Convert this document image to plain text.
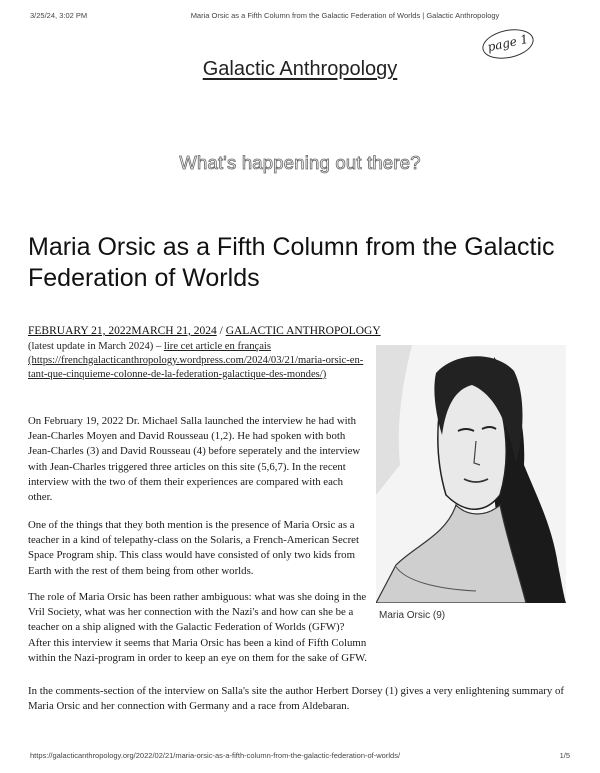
3/25/24, 3:02 PM	Maria Orsic as a Fifth Column from the Galactic Federation of Worlds | Galactic Anthropology
page 1
Galactic Anthropology
What's happening out there?
Maria Orsic as a Fifth Column from the Galactic Federation of Worlds
FEBRUARY 21, 2022MARCH 21, 2024 / GALACTIC ANTHROPOLOGY
(latest update in March 2024) – lire cet article en français (https://frenchgalacticanthropology.wordpress.com/2024/03/21/maria-orsic-en-tant-que-cinquieme-colonne-de-la-federation-galactique-des-mondes/)

On February 19, 2022 Dr. Michael Salla launched the interview he had with Jean-Charles Moyen and David Rousseau (1,2). He had spoken with both Jean-Charles (3) and David Rousseau (4) before seperately and the interview with Jean-Charles triggered three articles on this site (5,6,7). In the recent interview with the two of them their experiences are compared with each other.

One of the things that they both mention is the presence of Maria Orsic as a teacher in a kind of telepathy-class on the Solaris, a French-American Secret Space Program ship. This class would have consisted of only two kids from Earth with the rest of them being from other worlds.

The role of Maria Orsic has been rather ambiguous: what was she doing in the Vril Society, what was her connection with the Nazi's and how can she be a teacher on a ship aligned with the Galactic Federation of Worlds (GFW)? After this interview it seems that Maria Orsic has been a kind of Fifth Column within the Nazi-program in order to keep an eye on them for the sake of GFW.

In the comments-section of the interview on Salla's site the author Herbert Dorsey (1) gives a very enlightening summary of Maria Orsic and her connection with Germany and a race from Aldebaran.

Maria Orsic (9)
https://galacticanthropology.org/2022/02/21/maria-orsic-as-a-fifth-column-from-the-galactic-federation-of-worlds/	1/5
